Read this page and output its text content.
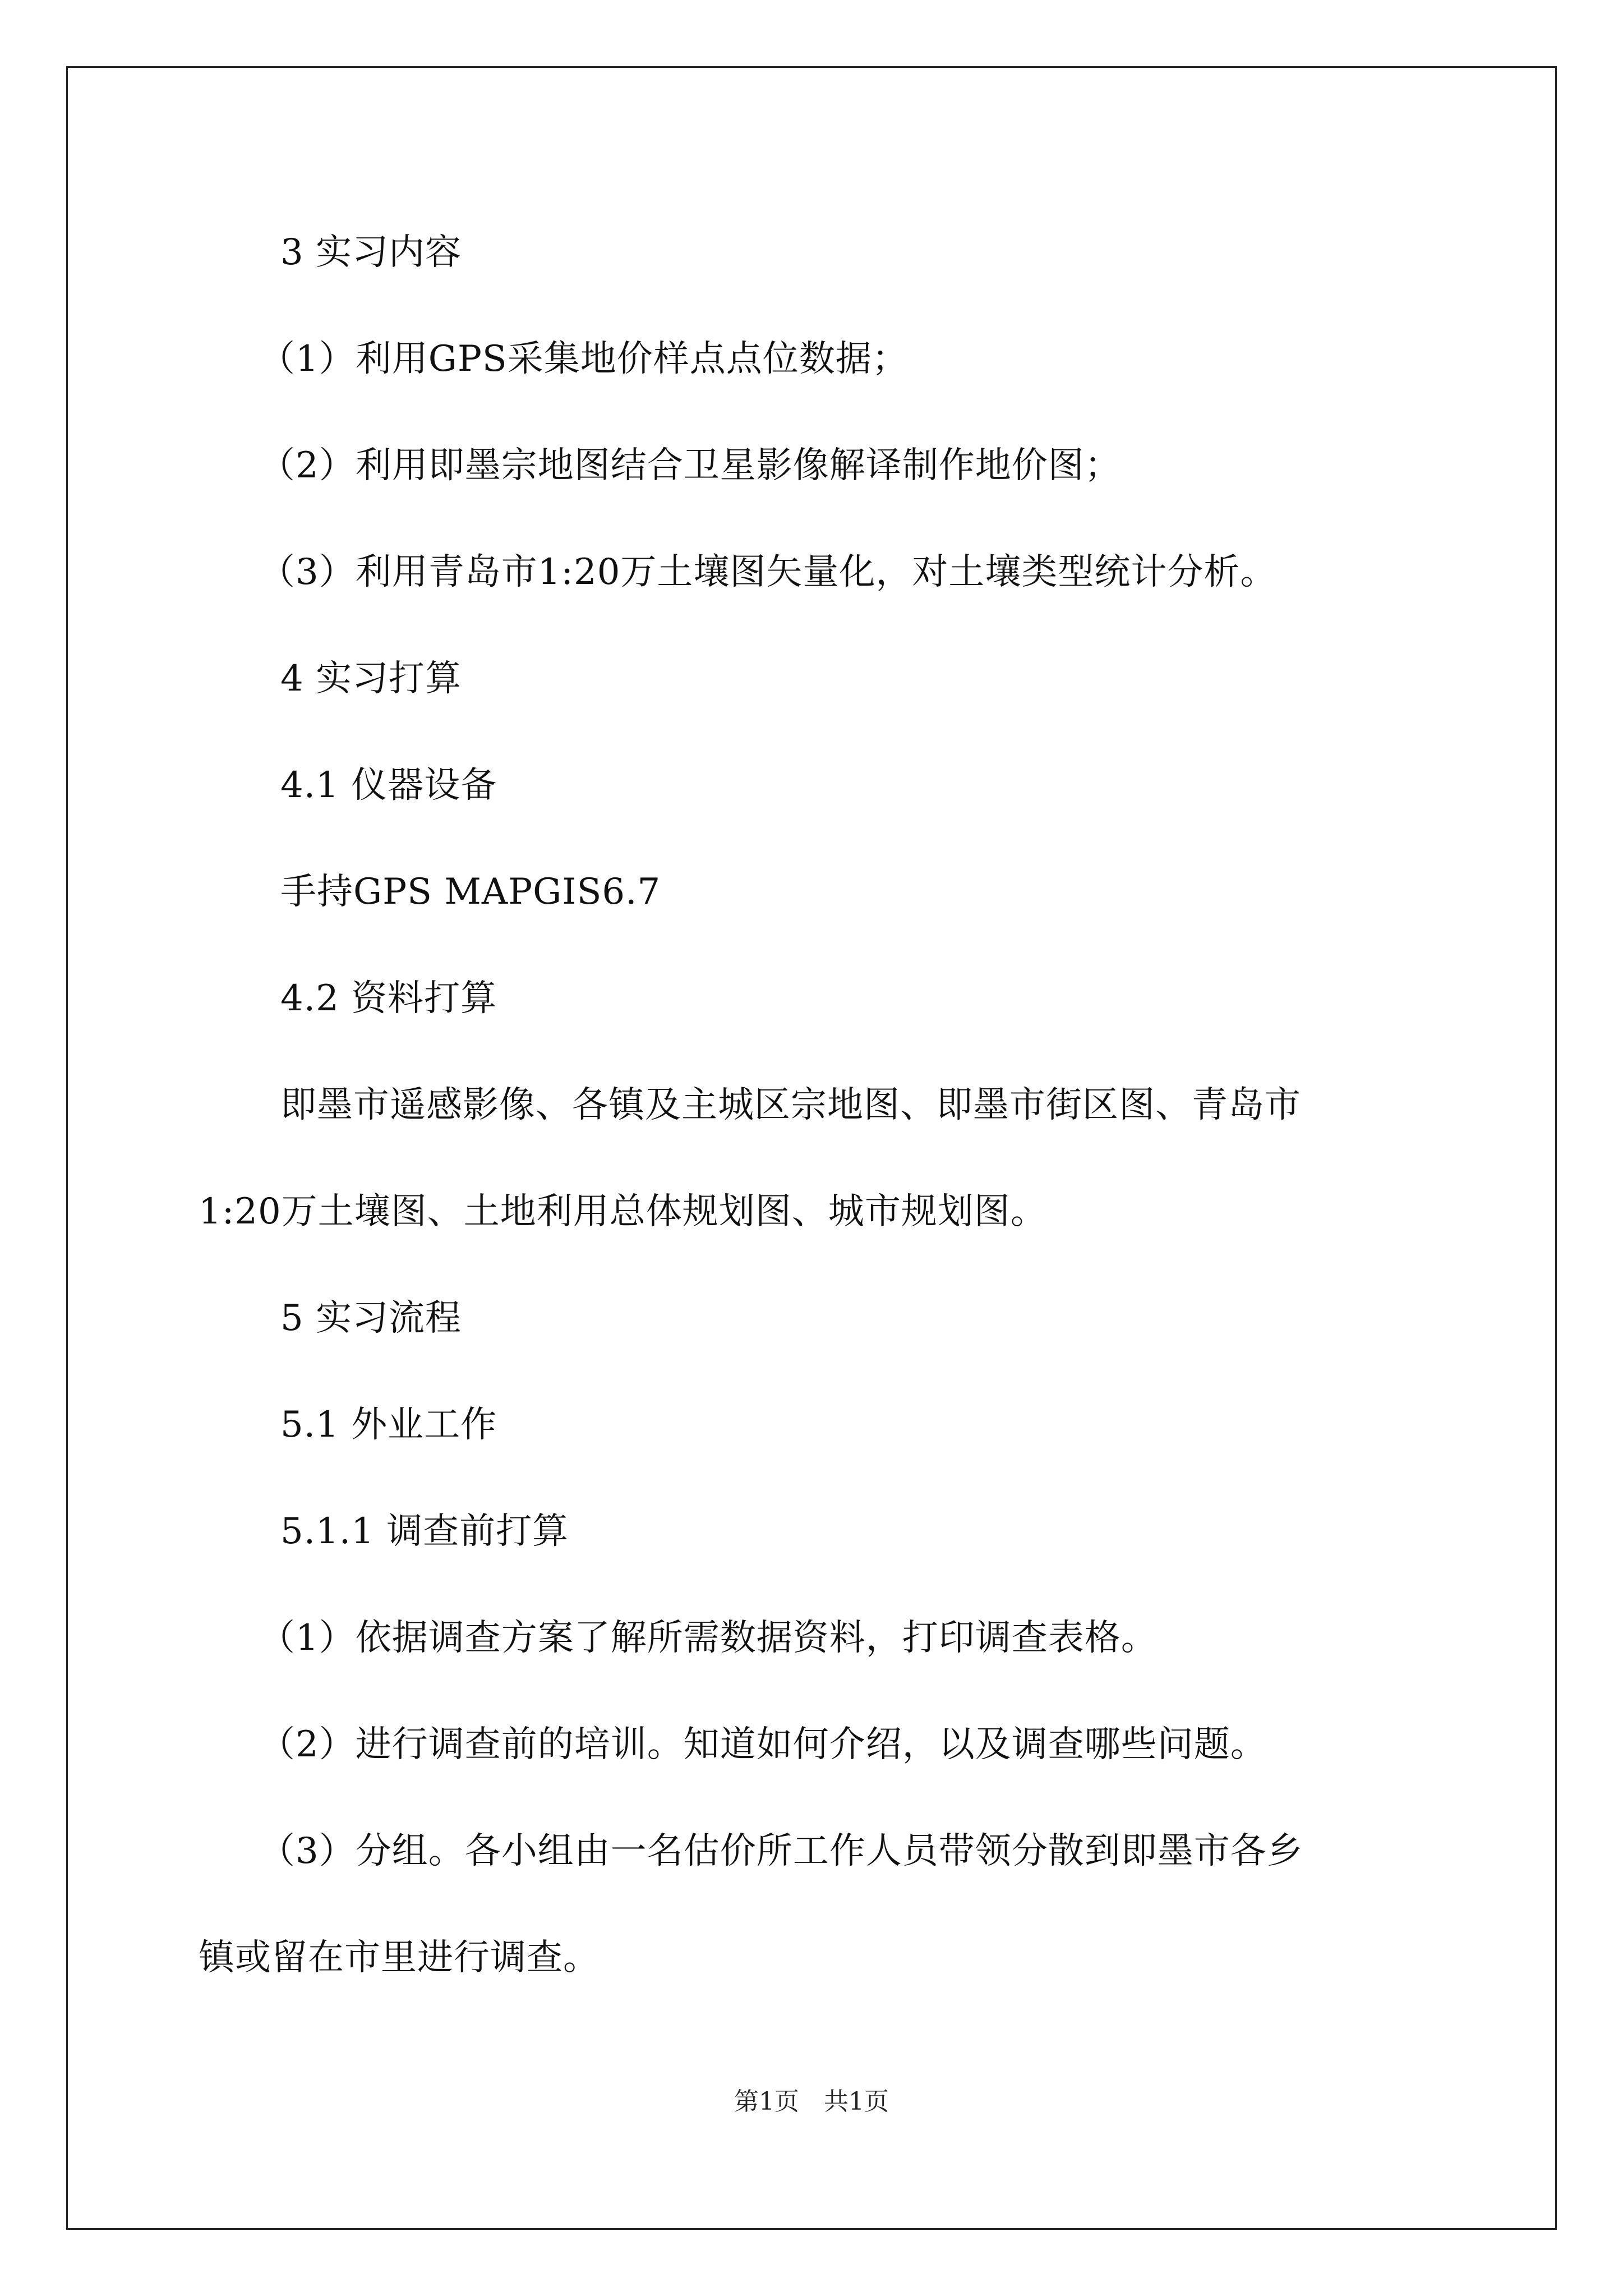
3 实习内容
（1）利用GPS采集地价样点点位数据；
（2）利用即墨宗地图结合卫星影像解译制作地价图；
（3）利用青岛市1:20万土壤图矢量化，对土壤类型统计分析。
4 实习打算
4.1 仪器设备
手持GPS MAPGIS6.7
4.2 资料打算
即墨市遥感影像、各镇及主城区宗地图、即墨市街区图、青岛市
1:20万土壤图、土地利用总体规划图、城市规划图。
5 实习流程
5.1 外业工作
5.1.1 调查前打算
（1）依据调查方案了解所需数据资料，打印调查表格。
（2）进行调查前的培训。知道如何介绍，以及调查哪些问题。
（3）分组。各小组由一名估价所工作人员带领分散到即墨市各乡
镇或留在市里进行调查。
第1页　共1页
